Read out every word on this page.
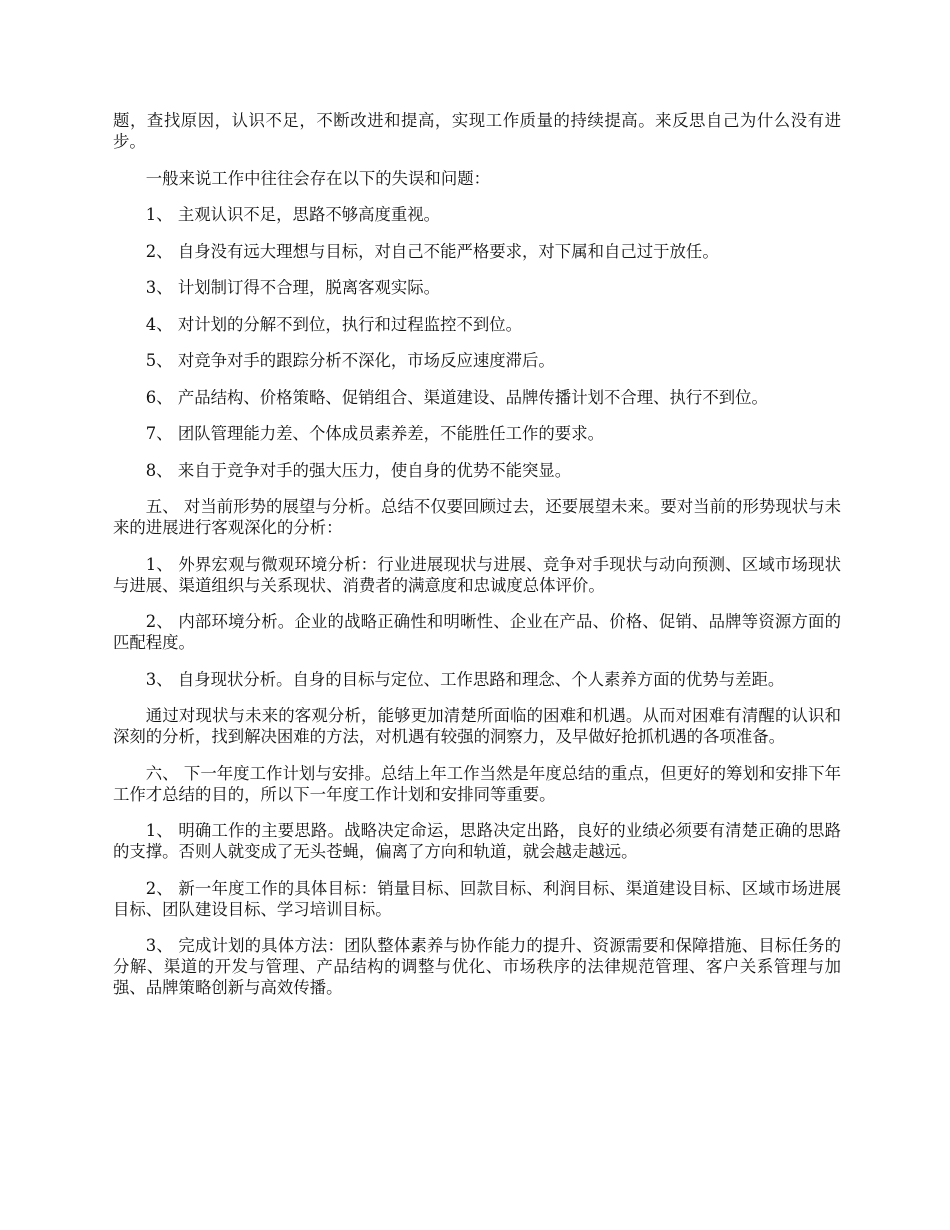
题，查找原因，认识不足，不断改进和提高，实现工作质量的持续提高。来反思自己为什么没有进步。

一般来说工作中往往会存在以下的失误和问题：

1、 主观认识不足，思路不够高度重视。

2、 自身没有远大理想与目标，对自己不能严格要求，对下属和自己过于放任。

3、 计划制订得不合理，脱离客观实际。

4、 对计划的分解不到位，执行和过程监控不到位。

5、 对竞争对手的跟踪分析不深化，市场反应速度滞后。

6、 产品结构、价格策略、促销组合、渠道建设、品牌传播计划不合理、执行不到位。

7、 团队管理能力差、个体成员素养差，不能胜任工作的要求。

8、 来自于竞争对手的强大压力，使自身的优势不能突显。

五、 对当前形势的展望与分析。总结不仅要回顾过去，还要展望未来。要对当前的形势现状与未来的进展进行客观深化的分析：

1、 外界宏观与微观环境分析：行业进展现状与进展、竞争对手现状与动向预测、区域市场现状与进展、渠道组织与关系现状、消费者的满意度和忠诚度总体评价。

2、 内部环境分析。企业的战略正确性和明晰性、企业在产品、价格、促销、品牌等资源方面的匹配程度。

3、 自身现状分析。自身的目标与定位、工作思路和理念、个人素养方面的优势与差距。

通过对现状与未来的客观分析，能够更加清楚所面临的困难和机遇。从而对困难有清醒的认识和深刻的分析，找到解决困难的方法，对机遇有较强的洞察力，及早做好抢抓机遇的各项准备。

六、 下一年度工作计划与安排。总结上年工作当然是年度总结的重点，但更好的筹划和安排下年工作才总结的目的，所以下一年度工作计划和安排同等重要。

1、 明确工作的主要思路。战略决定命运，思路决定出路，良好的业绩必须要有清楚正确的思路的支撑。否则人就变成了无头苍蝇，偏离了方向和轨道，就会越走越远。

2、 新一年度工作的具体目标：销量目标、回款目标、利润目标、渠道建设目标、区域市场进展目标、团队建设目标、学习培训目标。

3、 完成计划的具体方法：团队整体素养与协作能力的提升、资源需要和保障措施、目标任务的分解、渠道的开发与管理、产品结构的调整与优化、市场秩序的法律规范管理、客户关系管理与加强、品牌策略创新与高效传播。
